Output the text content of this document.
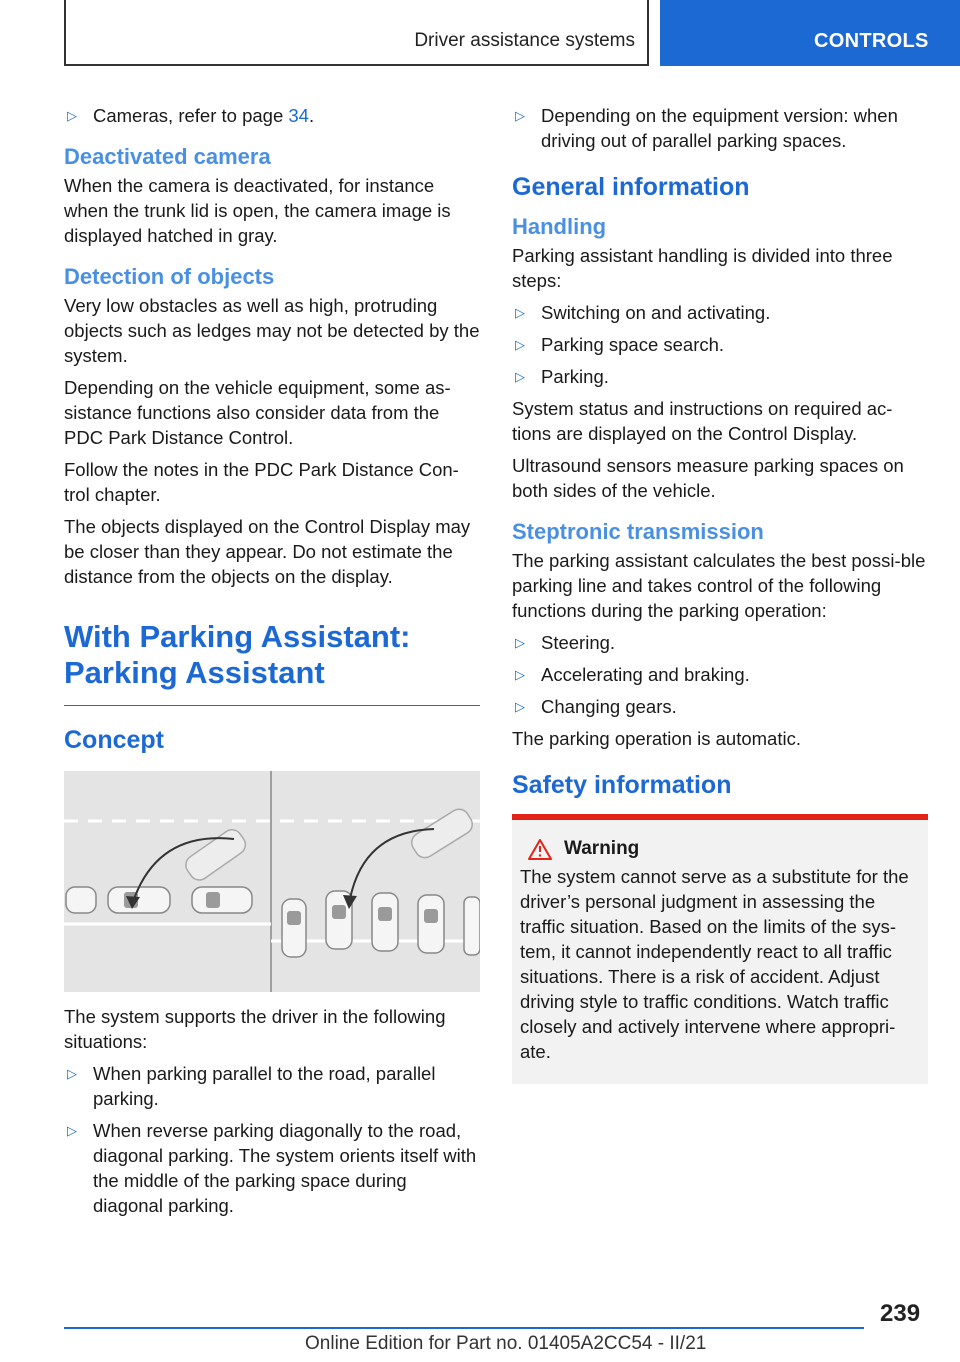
Driver assistance systems	CONTROLS
▷ Cameras, refer to page 34.
Deactivated camera

When the camera is deactivated, for instance when the trunk lid is open, the camera image is displayed hatched in gray.

Detection of objects

Very low obstacles as well as high, protruding objects such as ledges may not be detected by the system.

Depending on the vehicle equipment, some as‐sistance functions also consider data from the PDC Park Distance Control.

Follow the notes in the PDC Park Distance Con‐trol chapter.

The objects displayed on the Control Display may be closer than they appear. Do not estimate the distance from the objects on the display.

With Parking Assistant:
Parking Assistant
Concept

The system supports the driver in the following situations:

▷ When parking parallel to the road, parallel parking.
▷ When reverse parking diagonally to the road, diagonal parking. The system orients itself with the middle of the parking space during diagonal parking.
▷ Depending on the equipment version: when driving out of parallel parking spaces.
General information
Handling

Parking assistant handling is divided into three steps:

▷ Switching on and activating.
▷ Parking space search.
▷ Parking.

System status and instructions on required ac‐tions are displayed on the Control Display.

Ultrasound sensors measure parking spaces on both sides of the vehicle.

Steptronic transmission

The parking assistant calculates the best possi‐ble parking line and takes control of the following functions during the parking operation:

▷ Steering.
▷ Accelerating and braking.
▷ Changing gears.

The parking operation is automatic.

Safety information
Warning

The system cannot serve as a substitute for the driver’s personal judgment in assessing the traffic situation. Based on the limits of the sys‐tem, it cannot independently react to all traffic situations. There is a risk of accident. Adjust driving style to traffic conditions. Watch traffic closely and actively intervene where appropri‐ate.

239
Online Edition for Part no. 01405A2CC54 - II/21
